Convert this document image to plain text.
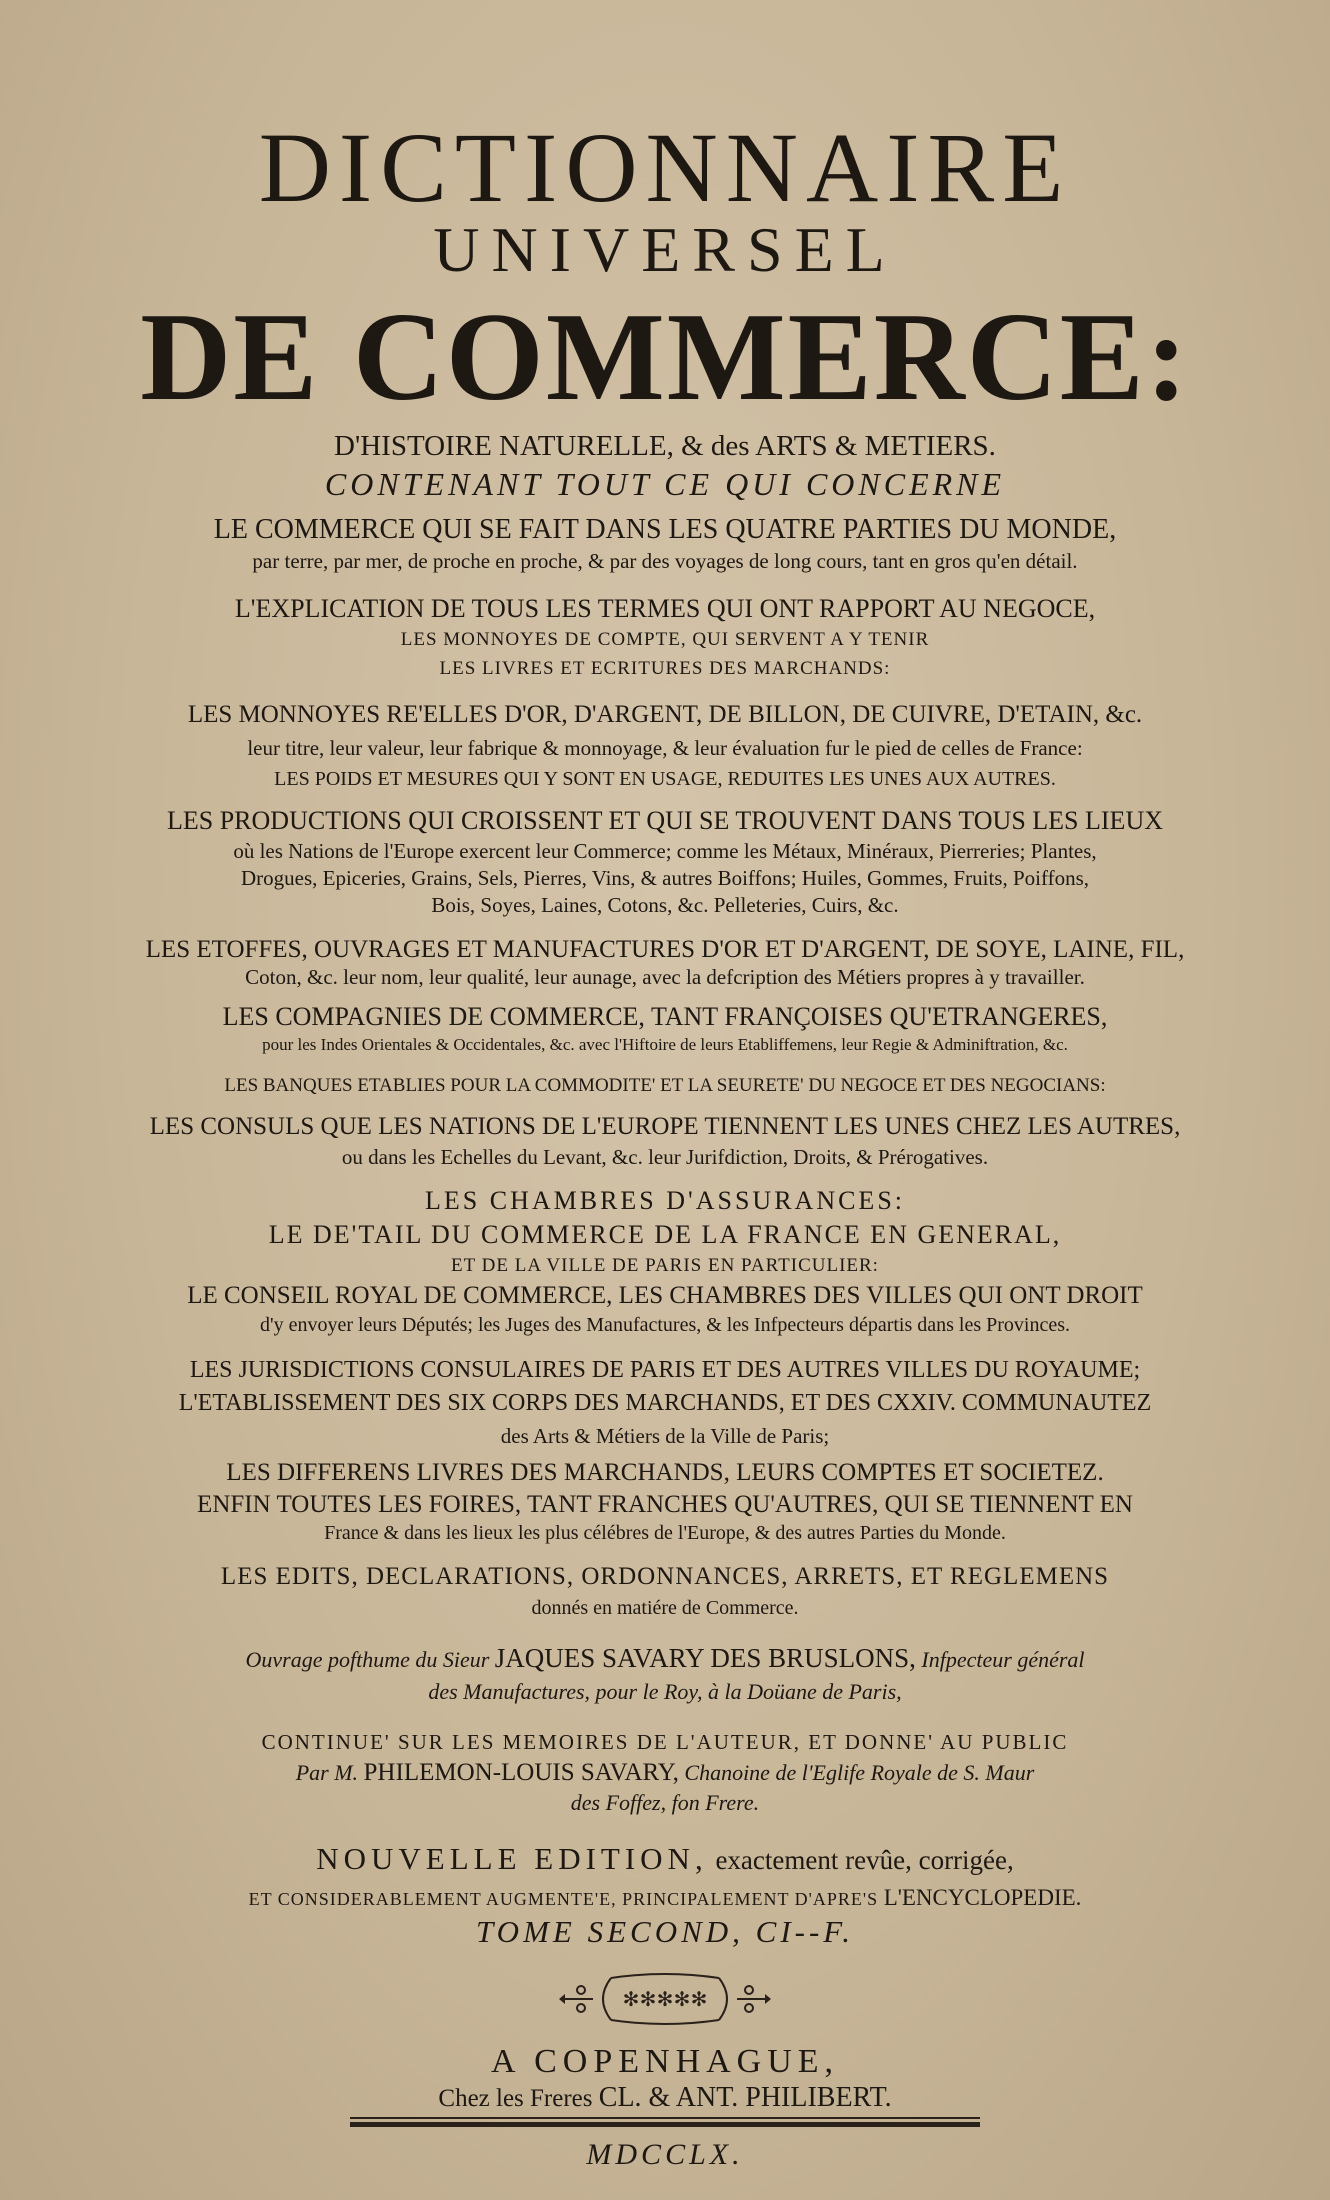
DICTIONNAIRE

UNIVERSEL

DE COMMERCE:

D'HISTOIRE NATURELLE, & des ARTS & METIERS.

CONTENANT TOUT CE QUI CONCERNE

LE COMMERCE QUI SE FAIT DANS LES QUATRE PARTIES DU MONDE,

par terre, par mer, de proche en proche, & par des voyages de long cours, tant en gros qu'en détail.

L'EXPLICATION DE TOUS LES TERMES QUI ONT RAPPORT AU NEGOCE,

LES MONNOYES DE COMPTE, QUI SERVENT A Y TENIR

LES LIVRES ET ECRITURES DES MARCHANDS:

LES MONNOYES RE'ELLES D'OR, D'ARGENT, DE BILLON, DE CUIVRE, D'ETAIN, &c.

leur titre, leur valeur, leur fabrique & monnoyage, & leur évaluation fur le pied de celles de France:

LES POIDS ET MESURES QUI Y SONT EN USAGE, REDUITES LES UNES AUX AUTRES.

LES PRODUCTIONS QUI CROISSENT ET QUI SE TROUVENT DANS TOUS LES LIEUX

où les Nations de l'Europe exercent leur Commerce; comme les Métaux, Minéraux, Pierreries; Plantes,

Drogues, Epiceries, Grains, Sels, Pierres, Vins, & autres Boiffons; Huiles, Gommes, Fruits, Poiffons,

Bois, Soyes, Laines, Cotons, &c. Pelleteries, Cuirs, &c.

LES ETOFFES, OUVRAGES ET MANUFACTURES D'OR ET D'ARGENT, DE SOYE, LAINE, FIL,

Coton, &c. leur nom, leur qualité, leur aunage, avec la defcription des Métiers propres à y travailler.

LES COMPAGNIES DE COMMERCE, TANT FRANÇOISES QU'ETRANGERES,

pour les Indes Orientales & Occidentales, &c. avec l'Hiftoire de leurs Etabliffemens, leur Regie & Adminiftration, &c.

LES BANQUES ETABLIES POUR LA COMMODITE' ET LA SEURETE' DU NEGOCE ET DES NEGOCIANS:

LES CONSULS QUE LES NATIONS DE L'EUROPE TIENNENT LES UNES CHEZ LES AUTRES,

ou dans les Echelles du Levant, &c. leur Jurifdiction, Droits, & Prérogatives.

LES CHAMBRES D'ASSURANCES:

LE DE'TAIL DU COMMERCE DE LA FRANCE EN GENERAL,

ET DE LA VILLE DE PARIS EN PARTICULIER:

LE CONSEIL ROYAL DE COMMERCE, LES CHAMBRES DES VILLES QUI ONT DROIT

d'y envoyer leurs Députés; les Juges des Manufactures, & les Infpecteurs départis dans les Provinces.

LES JURISDICTIONS CONSULAIRES DE PARIS ET DES AUTRES VILLES DU ROYAUME;

L'ETABLISSEMENT DES SIX CORPS DES MARCHANDS, ET DES CXXIV. COMMUNAUTEZ

des Arts & Métiers de la Ville de Paris;

LES DIFFERENS LIVRES DES MARCHANDS, LEURS COMPTES ET SOCIETEZ.

ENFIN TOUTES LES FOIRES, TANT FRANCHES QU'AUTRES, QUI SE TIENNENT EN

France & dans les lieux les plus célébres de l'Europe, & des autres Parties du Monde.

LES EDITS, DECLARATIONS, ORDONNANCES, ARRETS, ET REGLEMENS

donnés en matiére de Commerce.

Ouvrage pofthume du Sieur JAQUES SAVARY DES BRUSLONS, Infpecteur général

des Manufactures, pour le Roy, à la Doüane de Paris,

CONTINUE' SUR LES MEMOIRES DE L'AUTEUR, ET DONNE' AU PUBLIC

Par M. PHILEMON-LOUIS SAVARY, Chanoine de l'Eglife Royale de S. Maur

des Foffez, fon Frere.

NOUVELLE EDITION, exactement revûe, corrigée,

ET CONSIDERABLEMENT AUGMENTE'E, PRINCIPALEMENT D'APRE'S L'ENCYCLOPEDIE.

TOME SECOND, CI--F.

✻ ✻ ✻ ✻ ✻

A COPENHAGUE,

Chez les Freres CL. & ANT. PHILIBERT.

MDCCLX.
